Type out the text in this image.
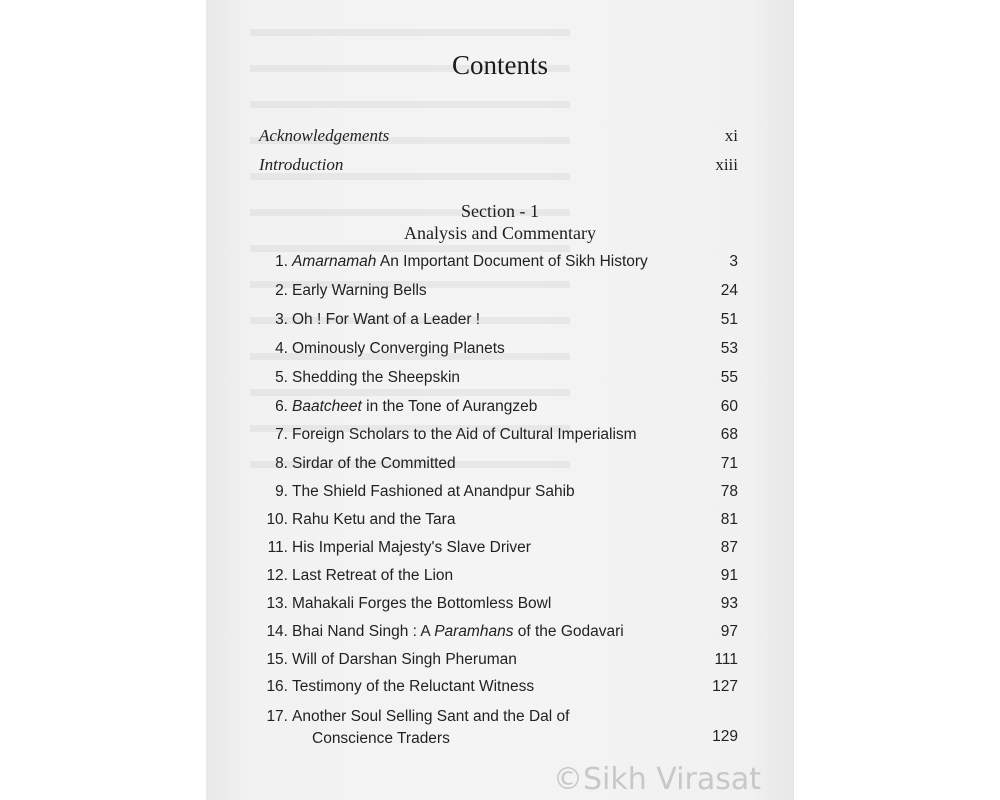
Contents
Acknowledgements	xi
Introduction	xiii
Section - 1
Analysis and Commentary
1. Amarnamah An Important Document of Sikh History	3
2. Early Warning Bells	24
3. Oh ! For Want of a Leader !	51
4. Ominously Converging Planets	53
5. Shedding the Sheepskin	55
6. Baatcheet in the Tone of Aurangzeb	60
7. Foreign Scholars to the Aid of Cultural Imperialism	68
8. Sirdar of the Committed	71
9. The Shield Fashioned at Anandpur Sahib	78
10. Rahu Ketu and the Tara	81
11. His Imperial Majesty's Slave Driver	87
12. Last Retreat of the Lion	91
13. Mahakali Forges the Bottomless Bowl	93
14. Bhai Nand Singh : A Paramhans of the Godavari	97
15. Will of Darshan Singh Pheruman	111
16. Testimony of the Reluctant Witness	127
17. Another Soul Selling Sant and the Dal of
Conscience Traders	129
©Sikh Virasat
